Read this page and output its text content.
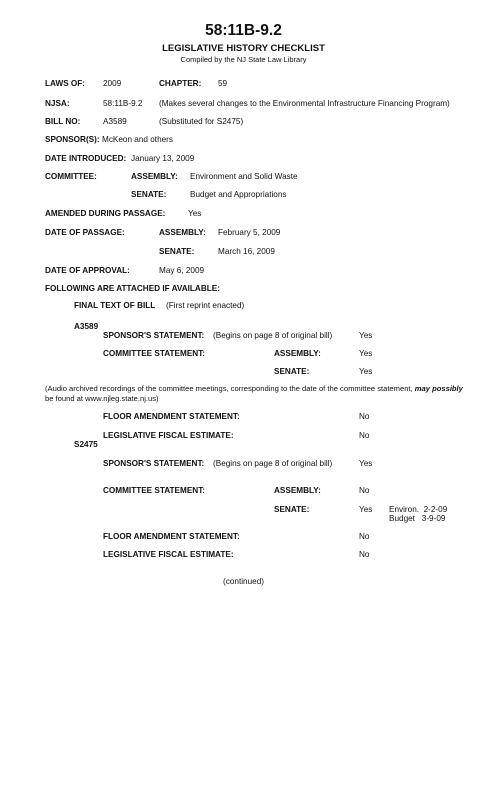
58:11B-9.2
LEGISLATIVE HISTORY CHECKLIST
Compiled by the NJ State Law Library
LAWS OF: 2009	CHAPTER: 59
NJSA:	58:11B-9.2 (Makes several changes to the Environmental Infrastructure Financing Program)
BILL NO:	A3589	(Substituted for S2475)
SPONSOR(S): McKeon and others
DATE INTRODUCED: January 13, 2009
COMMITTEE:	ASSEMBLY: Environment and Solid Waste
SENATE:	Budget and Appropriations
AMENDED DURING PASSAGE:	Yes
DATE OF PASSAGE:	ASSEMBLY: February 5, 2009
SENATE:	March 16, 2009
DATE OF APPROVAL:	May 6, 2009
FOLLOWING ARE ATTACHED IF AVAILABLE:
FINAL TEXT OF BILL (First reprint enacted)
A3589
SPONSOR'S STATEMENT: (Begins on page 8 of original bill)	Yes
COMMITTEE STATEMENT:	ASSEMBLY:	Yes
SENATE:	Yes
(Audio archived recordings of the committee meetings, corresponding to the date of the committee statement, may possibly
be found at www.njleg.state.nj.us)
FLOOR AMENDMENT STATEMENT:	No
LEGISLATIVE FISCAL ESTIMATE:	No
S2475
SPONSOR'S STATEMENT: (Begins on page 8 of original bill)	Yes
COMMITTEE STATEMENT:	ASSEMBLY:	No
SENATE:	Yes Environ.  2-2-09
Budget   3-9-09
FLOOR AMENDMENT STATEMENT:	No
LEGISLATIVE FISCAL ESTIMATE:	No
(continued)
